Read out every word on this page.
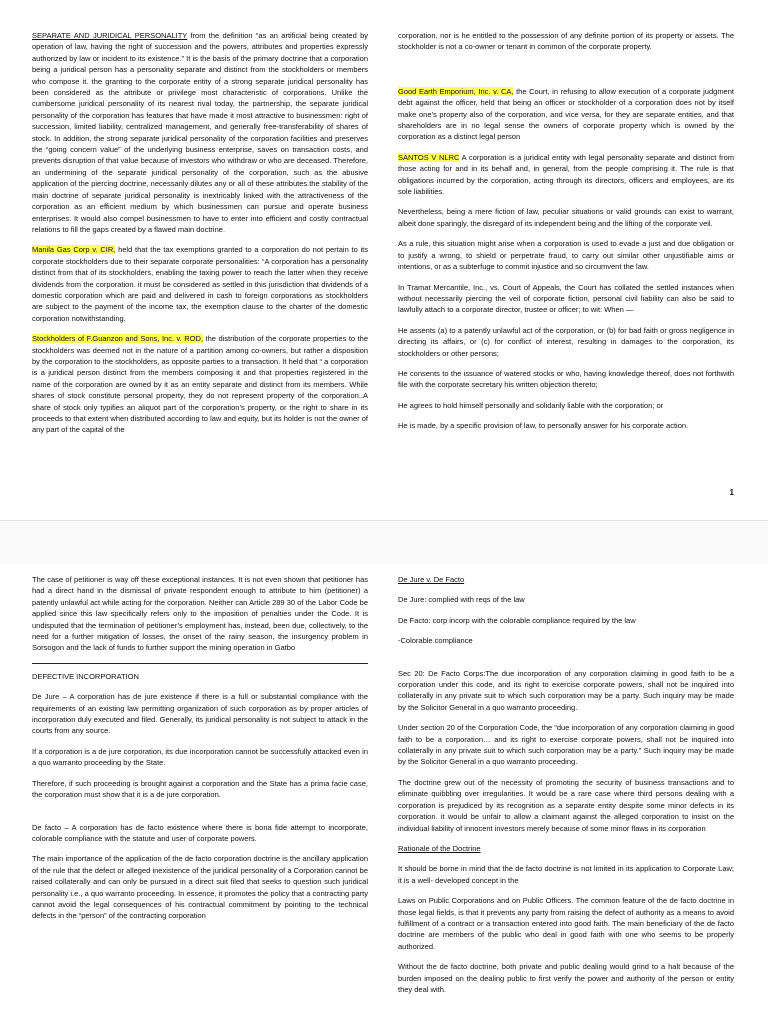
SEPARATE AND JURIDICAL PERSONALITY from the definition “as an artificial being created by operation of law, having the right of succession and the powers, attributes and properties expressly authorized by law or incident to its existence.” It is the basis of the primary doctrine that a corporation being a juridical person has a personality separate and distinct from the stockholders or members who compose it. the granting to the corporate entity of a strong separate juridical personality has been considered as the attribute or privilege most characteristic of corporations. Unlike the cumbersome juridical personality of its nearest rival today, the partnership, the separate juridical personality of the corporation has features that have made it most attractive to businessmen: right of succession, limited liability, centralized management, and generally free-transferability of shares of stock. In addition, the strong separate juridical personality of the corporation facilities and preserves the “going concern value” of the underlying business enterprise, saves on transaction costs, and prevents disruption of that value because of investors who withdraw or who are deceased. Therefore, an undermining of the separate juridical personality of the corporation, such as the abusive application of the piercing doctrine, necessarily dilutes any or all of these attributes.the stability of the main doctrine of separate juridical personality is inextricably linked with the attractiveness of the corporation as an efficient medium by which businessmen can pursue and operate business enterprises. It would also compel businessmen to have to enter into efficient and costly contractual relations to fill the gaps created by a flawed main doctrine.

Manila Gas Corp v. CIR, held that the tax exemptions granted to a corporation do not pertain to its corporate stockholders due to their separate corporate personalities: “A corporation has a personality distinct from that of its stockholders, enabling the taxing power to reach the latter when they receive dividends from the corporation. it must be considered as settled in this jurisdiction that dividends of a domestic corporation which are paid and delivered in cash to foreign corporations as stockholders are subject to the payment of the income tax, the exemption clause to the charter of the domestic corporation notwithstanding.

Stockholders of F.Guanzon and Sons, Inc. v. ROD, the distribution of the corporate properties to the stockholders was deemed not in the nature of a partition among co-owners, but rather a disposition by the corporation to the stockholders, as opposite parties to a transaction. It held that “ a corporation is a juridical person distinct from the members composing it and that properties registered in the name of the corporation are owned by it as an entity separate and distinct from its members. While shares of stock constitute personal property, they do not represent property of the corporation..A share of stock only typifies an aliquot part of the corporation’s property, or the right to share in its proceeds to that extent when distributed according to law and equity, but its holder is not the owner of any part of the capital of the

corporation, nor is he entitled to the possession of any definite portion of its property or assets. The stockholder is not a co-owner or tenant in common of the corporate property.

Good Earth Emporium, Inc. v. CA, the Court, in refusing to allow execution of a corporate judgment debt against the officer, held that being an officer or stockholder of a corporation does not by itself make one’s property also of the corporation, and vice versa, for they are separate entities, and that shareholders are in no legal sense the owners of corporate property which is owned by the corporation as a distinct legal person

SANTOS V NLRC A corporation is a juridical entity with legal personality separate and distinct from those acting for and in its behalf and, in general, from the people comprising it. The rule is that obligations incurred by the corporation, acting through its directors, officers and employees, are its sole liabilities.

Nevertheless, being a mere fiction of law, peculiar situations or valid grounds can exist to warrant, albeit done sparingly, the disregard of its independent being and the lifting of the corporate veil.

As a rule, this situation might arise when a corporation is used to evade a just and due obligation or to justify a wrong, to shield or perpetrate fraud, to carry out similar other unjustifiable aims or intentions, or as a subterfuge to commit injustice and so circumvent the law.

In Tramat Mercantile, Inc., vs. Court of Appeals, the Court has collated the settled instances when without necessarily piercing the veil of corporate fiction, personal civil liability can also be said to lawfully attach to a corporate director, trustee or officer; to wit: When —

He assents (a) to a patently unlawful act of the corporation, or (b) for bad faith or gross negligence in directing its affairs, or (c) for conflict of interest, resulting in damages to the corporation, its stockholders or other persons;

He consents to the issuance of watered stocks or who, having knowledge thereof, does not forthwith file with the corporate secretary his written objection thereto;

He agrees to hold himself personally and solidarily liable with the corporation; or

He is made, by a specific provision of law, to personally answer for his corporate action.

1

The case of petitioner is way off these exceptional instances. It is not even shown that petitioner has had a direct hand in the dismissal of private respondent enough to attribute to him (petitioner) a patently unlawful act while acting for the corporation. Neither can Article 289 30 of the Labor Code be applied since this law specifically refers only to the imposition of penalties under the Code. It is undisputed that the termination of petitioner’s employment has, instead, been due, collectively, to the need for a further mitigation of losses, the onset of the rainy season, the insurgency problem in Sorsogon and the lack of funds to further support the mining operation in Gatbo

DEFECTIVE INCORPORATION

De Jure – A corporation has de jure existence if there is a full or substantial compliance with the requirements of an existing law permitting organization of such corporation as by proper articles of incorporation duly executed and filed. Generally, its juridical personality is not subject to attack in the courts from any source.

If a corporation is a de jure corporation, its due incorporation cannot be successfully attacked even in a quo warranto proceeding by the State.

Therefore, if such proceeding is brought against a corporation and the State has a prima facie case, the corporation must show that it is a de jure corporation.

De facto – A corporation has de facto existence where there is bona fide attempt to incorporate, colorable compliance with the statute and user of corporate powers.

The main importance of the application of the de facto corporation doctrine is the ancillary application of the rule that the defect or alleged inexistence of the juridical personality of a Corporation cannot be raised collaterally and can only be pursued in a direct suit filed that seeks to question such juridical personality i.e., a quo warranto proceeding. In essence, it promotes the policy that a contracting party cannot avoid the legal consequences of his contractual commitment by pointing to the technical defects in the “person” of the contracting corporation

De Jure v. De Facto

De Jure: complied with reqs of the law

De Facto: corp incorp with the colorable compliance required by the law

-Colorable compliance

Sec 20: De Facto Corps:The due incorporation of any corporation claiming in good faith to be a corporation under this code, and its right to exercise corporate powers, shall not be inquired into collaterally in any private suit to which such corporation may be a party. Such inquiry may be made by the Solicitor General in a quo warranto proceeding.

Under section 20 of the Corporation Code, the “due incorporation of any corporation claiming in good faith to be a corporation… and its right to exercise corporate powers, shall not be inquired into collaterally in any private suit to which such corporation may be a party.” Such inquiry may be made by the Solicitor General in a quo warranto proceeding.

The doctrine grew out of the necessity of promoting the security of business transactions and to eliminate quibbling over irregularities. It would be a rare case where third persons dealing with a corporation is prejudiced by its recognition as a separate entity despite some minor defects in its corporation. it would be unfair to allow a claimant against the alleged corporation to insist on the individual liability of innocent investors merely because of some minor flaws in its corporation

Rationale of the Doctrine

It should be borne in mind that the de facto doctrine is not limited in its application to Corporate Law; it is a well- developed concept in the

Laws on Public Corporations and on Public Officers. The common feature of the de facto doctrine in those legal fields, is that it prevents any party from raising the defect of authority as a means to avoid fulfillment of a contract or a transaction entered into good faith. The main beneficiary of the de facto doctrine are members of the public who deal in good faith with one who seems to be properly authorized.

Without the de facto doctrine, both private and public dealing would grind to a halt because of the burden imposed on the dealing public to first verify the power and authority of the person or entity they deal with.
